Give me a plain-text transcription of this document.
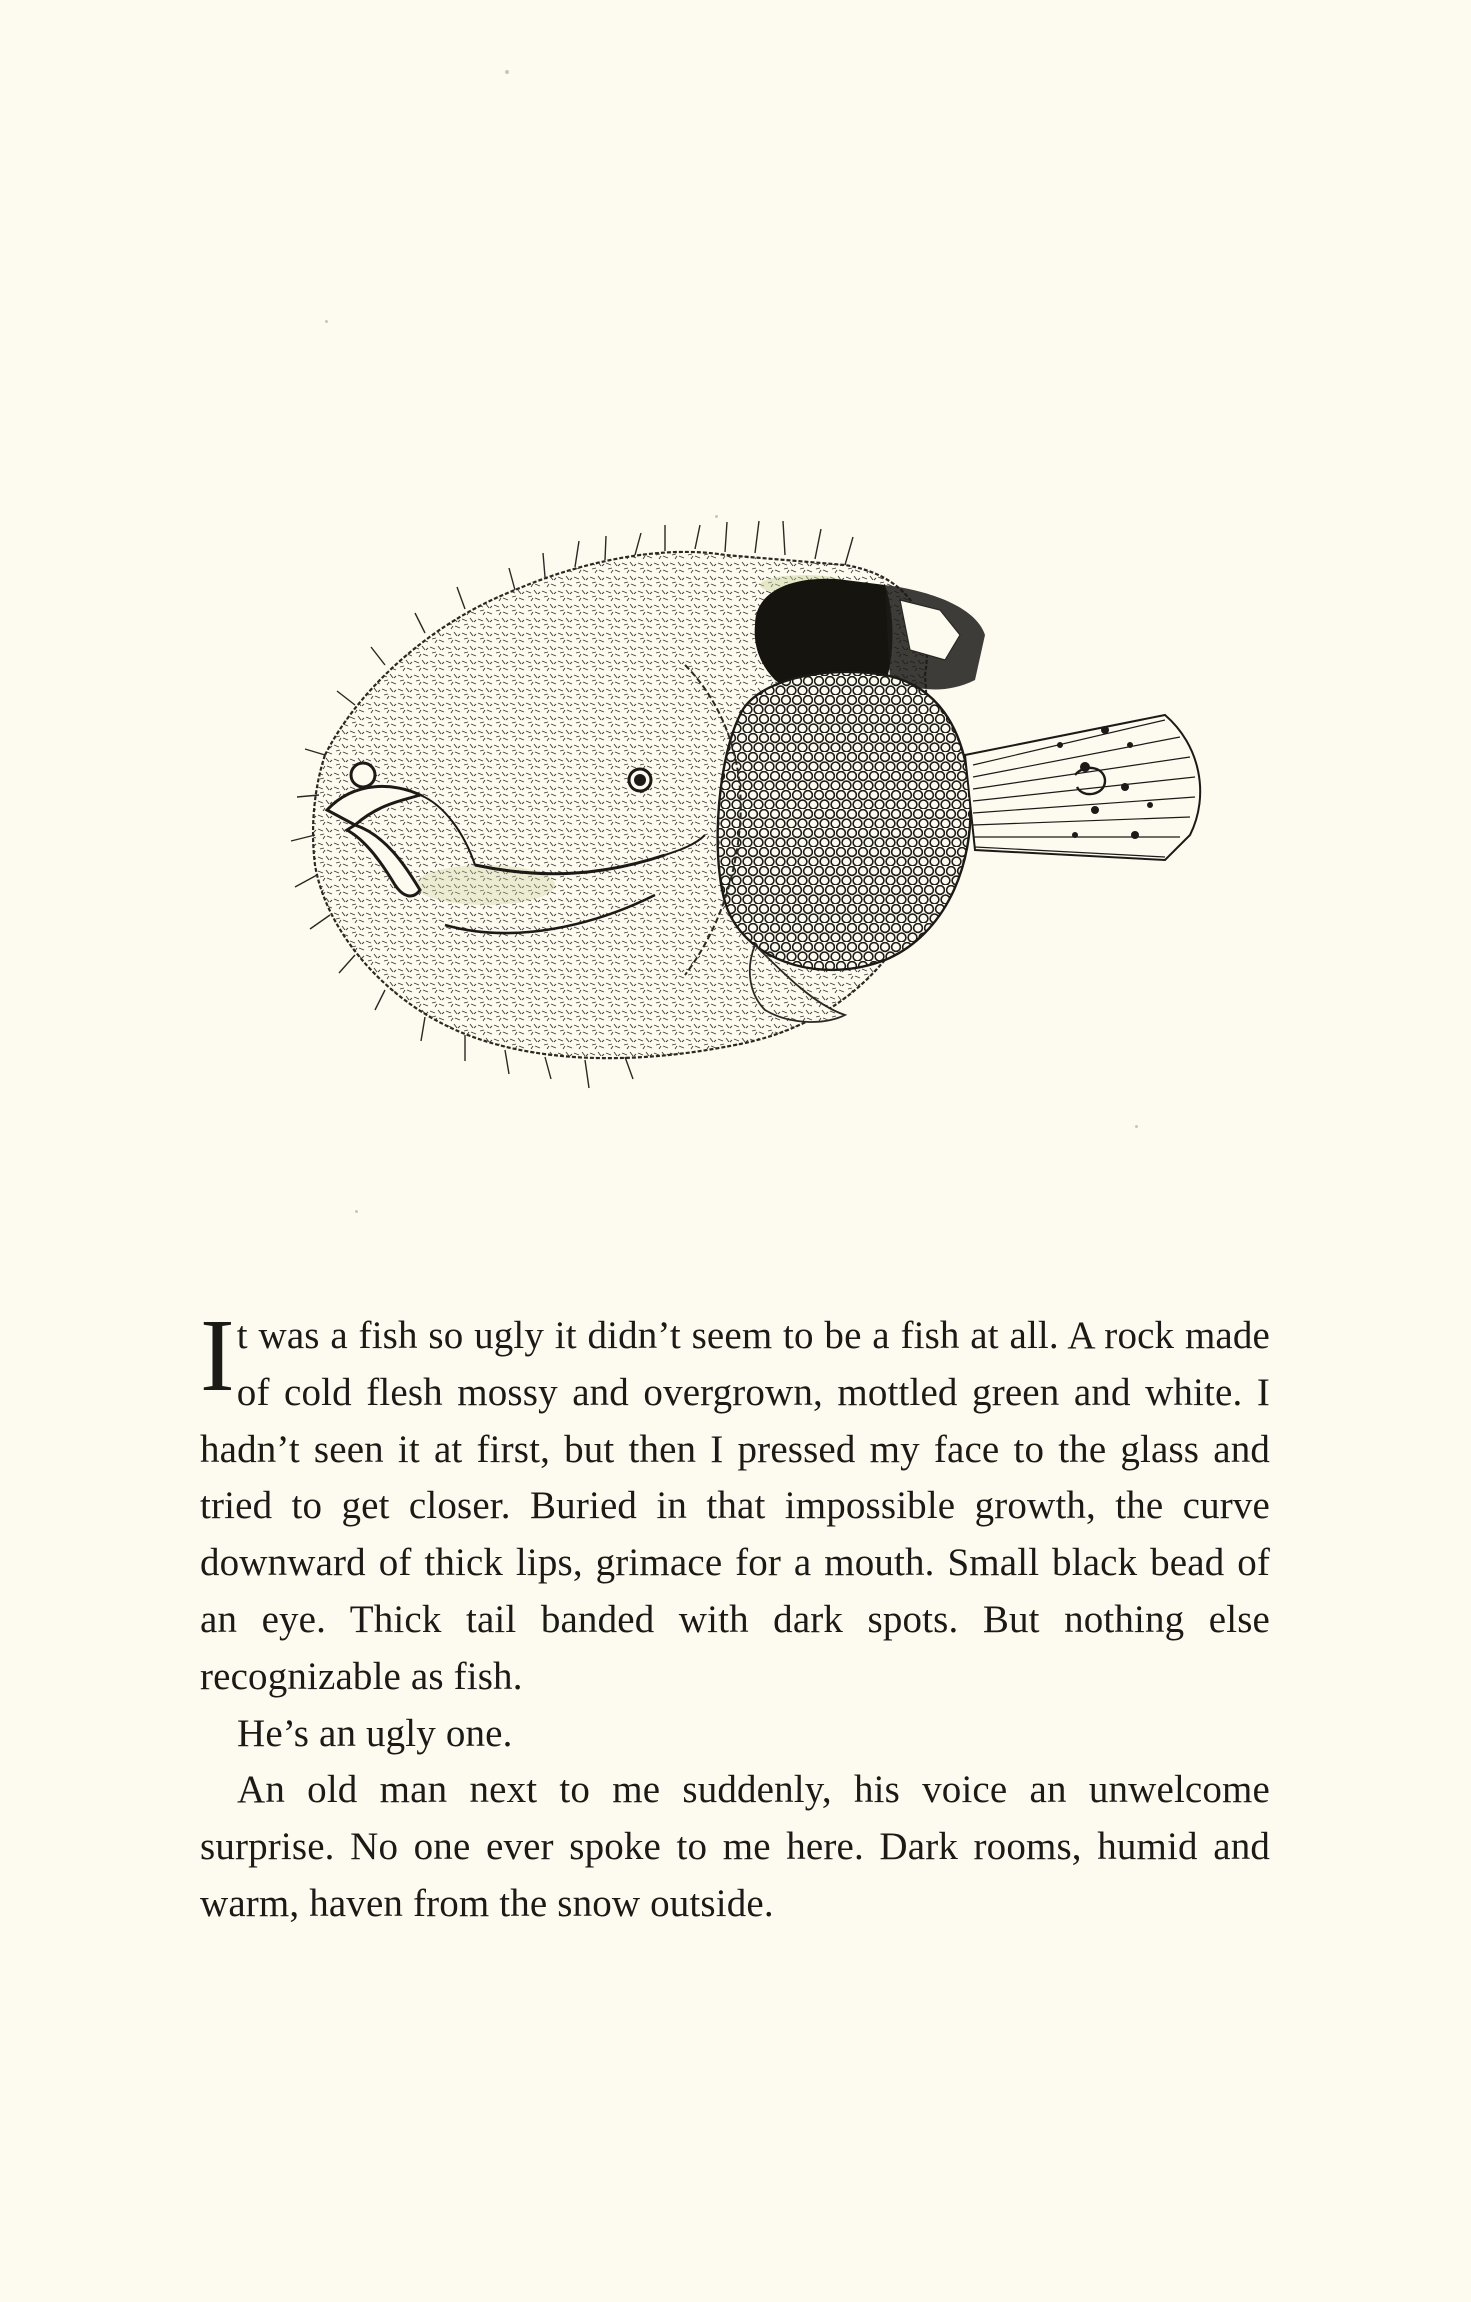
It was a fish so ugly it didn’t seem to be a fish at all. A rock made of cold flesh mossy and overgrown, mottled green and white. I hadn’t seen it at first, but then I pressed my face to the glass and tried to get closer. Buried in that impossible growth, the curve downward of thick lips, grimace for a mouth. Small black bead of an eye. Thick tail banded with dark spots. But nothing else recognizable as fish.

He’s an ugly one.

An old man next to me suddenly, his voice an unwelcome surprise. No one ever spoke to me here. Dark rooms, humid and warm, haven from the snow outside.
